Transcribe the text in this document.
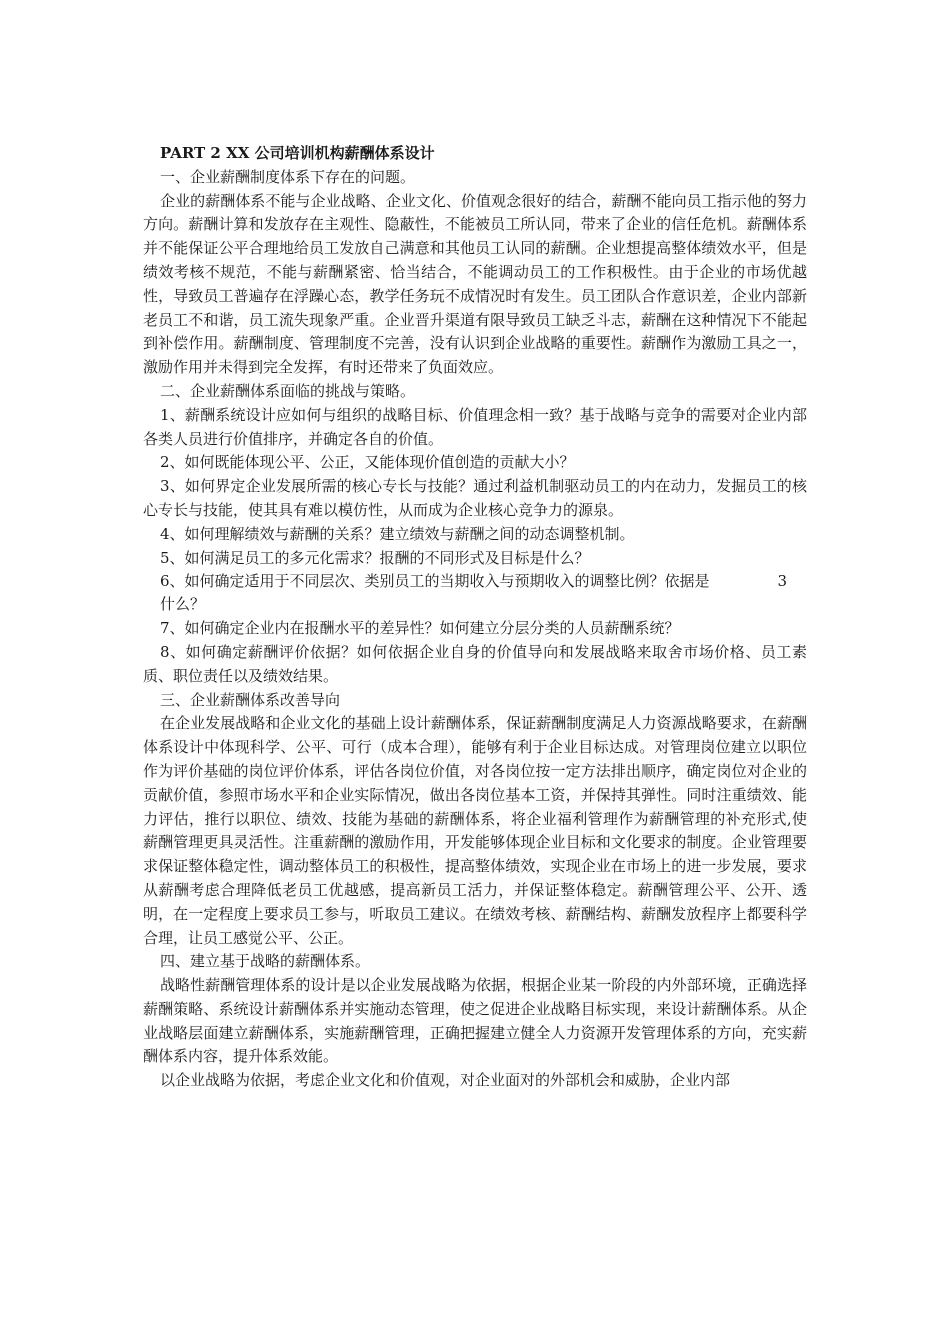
PART 2 XX 公司培训机构薪酬体系设计

一、企业薪酬制度体系下存在的问题。

企业的薪酬体系不能与企业战略、企业文化、价值观念很好的结合，薪酬不能向员工指示他的努力方向。薪酬计算和发放存在主观性、隐蔽性，不能被员工所认同，带来了企业的信任危机。薪酬体系并不能保证公平合理地给员工发放自己满意和其他员工认同的薪酬。企业想提高整体绩效水平，但是绩效考核不规范，不能与薪酬紧密、恰当结合，不能调动员工的工作积极性。由于企业的市场优越性，导致员工普遍存在浮躁心态，教学任务玩不成情况时有发生。员工团队合作意识差，企业内部新老员工不和谐，员工流失现象严重。企业晋升渠道有限导致员工缺乏斗志，薪酬在这种情况下不能起到补偿作用。薪酬制度、管理制度不完善，没有认识到企业战略的重要性。薪酬作为激励工具之一，激励作用并未得到完全发挥，有时还带来了负面效应。

二、企业薪酬体系面临的挑战与策略。

1、薪酬系统设计应如何与组织的战略目标、价值理念相一致？基于战略与竞争的需要对企业内部各类人员进行价值排序，并确定各自的价值。

2、如何既能体现公平、公正，又能体现价值创造的贡献大小？

3、如何界定企业发展所需的核心专长与技能？通过利益机制驱动员工的内在动力，发掘员工的核心专长与技能，使其具有难以模仿性，从而成为企业核心竞争力的源泉。

4、如何理解绩效与薪酬的关系？建立绩效与薪酬之间的动态调整机制。

5、如何满足员工的多元化需求？报酬的不同形式及目标是什么？

6、如何确定适用于不同层次、类别员工的当期收入与预期收入的调整比例？依据是	3

什么？

7、如何确定企业内在报酬水平的差异性？如何建立分层分类的人员薪酬系统？

8、如何确定薪酬评价依据？如何依据企业自身的价值导向和发展战略来取舍市场价格、员工素质、职位责任以及绩效结果。

三、企业薪酬体系改善导向

在企业发展战略和企业文化的基础上设计薪酬体系，保证薪酬制度满足人力资源战略要求，在薪酬体系设计中体现科学、公平、可行（成本合理），能够有利于企业目标达成。对管理岗位建立以职位作为评价基础的岗位评价体系，评估各岗位价值，对各岗位按一定方法排出顺序，确定岗位对企业的贡献价值，参照市场水平和企业实际情况，做出各岗位基本工资，并保持其弹性。同时注重绩效、能力评估，推行以职位、绩效、技能为基础的薪酬体系，将企业福利管理作为薪酬管理的补充形式,使薪酬管理更具灵活性。注重薪酬的激励作用，开发能够体现企业目标和文化要求的制度。企业管理要求保证整体稳定性，调动整体员工的积极性，提高整体绩效，实现企业在市场上的进一步发展，要求从薪酬考虑合理降低老员工优越感，提高新员工活力，并保证整体稳定。薪酬管理公平、公开、透明，在一定程度上要求员工参与，听取员工建议。在绩效考核、薪酬结构、薪酬发放程序上都要科学合理，让员工感觉公平、公正。

四、建立基于战略的薪酬体系。

战略性薪酬管理体系的设计是以企业发展战略为依据，根据企业某一阶段的内外部环境，正确选择薪酬策略、系统设计薪酬体系并实施动态管理，使之促进企业战略目标实现，来设计薪酬体系。从企业战略层面建立薪酬体系，实施薪酬管理，正确把握建立健全人力资源开发管理体系的方向，充实薪酬体系内容，提升体系效能。

以企业战略为依据，考虑企业文化和价值观，对企业面对的外部机会和威胁，企业内部
